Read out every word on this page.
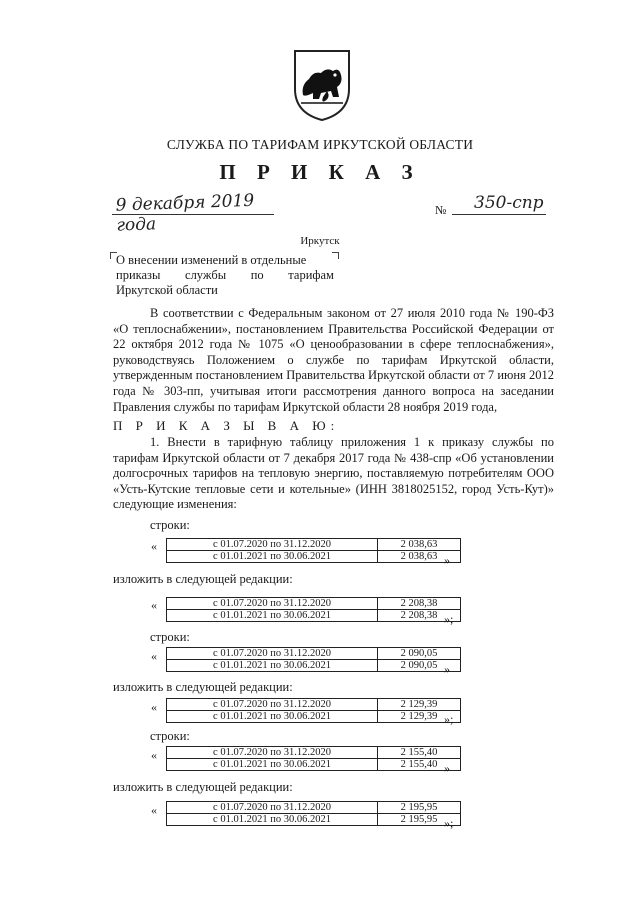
СЛУЖБА ПО ТАРИФАМ ИРКУТСКОЙ ОБЛАСТИ
П Р И К А З
9 декабря 2019 года
№ 350-спр
Иркутск
О внесении изменений в отдельные
приказы службы по тарифам
Иркутской области
В соответствии с Федеральным законом от 27 июля 2010 года № 190-ФЗ «О теплоснабжении», постановлением Правительства Российской Федерации от 22 октября 2012 года № 1075 «О ценообразовании в сфере теплоснабжения», руководствуясь Положением о службе по тарифам Иркутской области, утвержденным постановлением Правительства Иркутской области от 7 июня 2012 года № 303-пп, учитывая итоги рассмотрения данного вопроса на заседании Правления службы по тарифам Иркутской области 28 ноября 2019 года,
П Р И К А З Ы В А Ю:
1. Внести в тарифную таблицу приложения 1 к приказу службы по тарифам Иркутской области от 7 декабря 2017 года № 438-спр «Об установлении долгосрочных тарифов на тепловую энергию, поставляемую потребителям ООО «Усть-Кутские тепловые сети и котельные» (ИНН 3818025152, город Усть-Кут)» следующие изменения:
строки:
«	с 01.07.2020 по 31.12.2020	2 038,63
с 01.01.2021 по 30.06.2021	2 038,63 »
изложить в следующей редакции:
«	с 01.07.2020 по 31.12.2020	2 208,38
с 01.01.2021 по 30.06.2021	2 208,38 »;
строки:
«	с 01.07.2020 по 31.12.2020	2 090,05
с 01.01.2021 по 30.06.2021	2 090,05 »
изложить в следующей редакции:
«	с 01.07.2020 по 31.12.2020	2 129,39
с 01.01.2021 по 30.06.2021	2 129,39 »;
строки:
«	с 01.07.2020 по 31.12.2020	2 155,40
с 01.01.2021 по 30.06.2021	2 155,40 »
изложить в следующей редакции:
«	с 01.07.2020 по 31.12.2020	2 195,95
с 01.01.2021 по 30.06.2021	2 195,95 »;
